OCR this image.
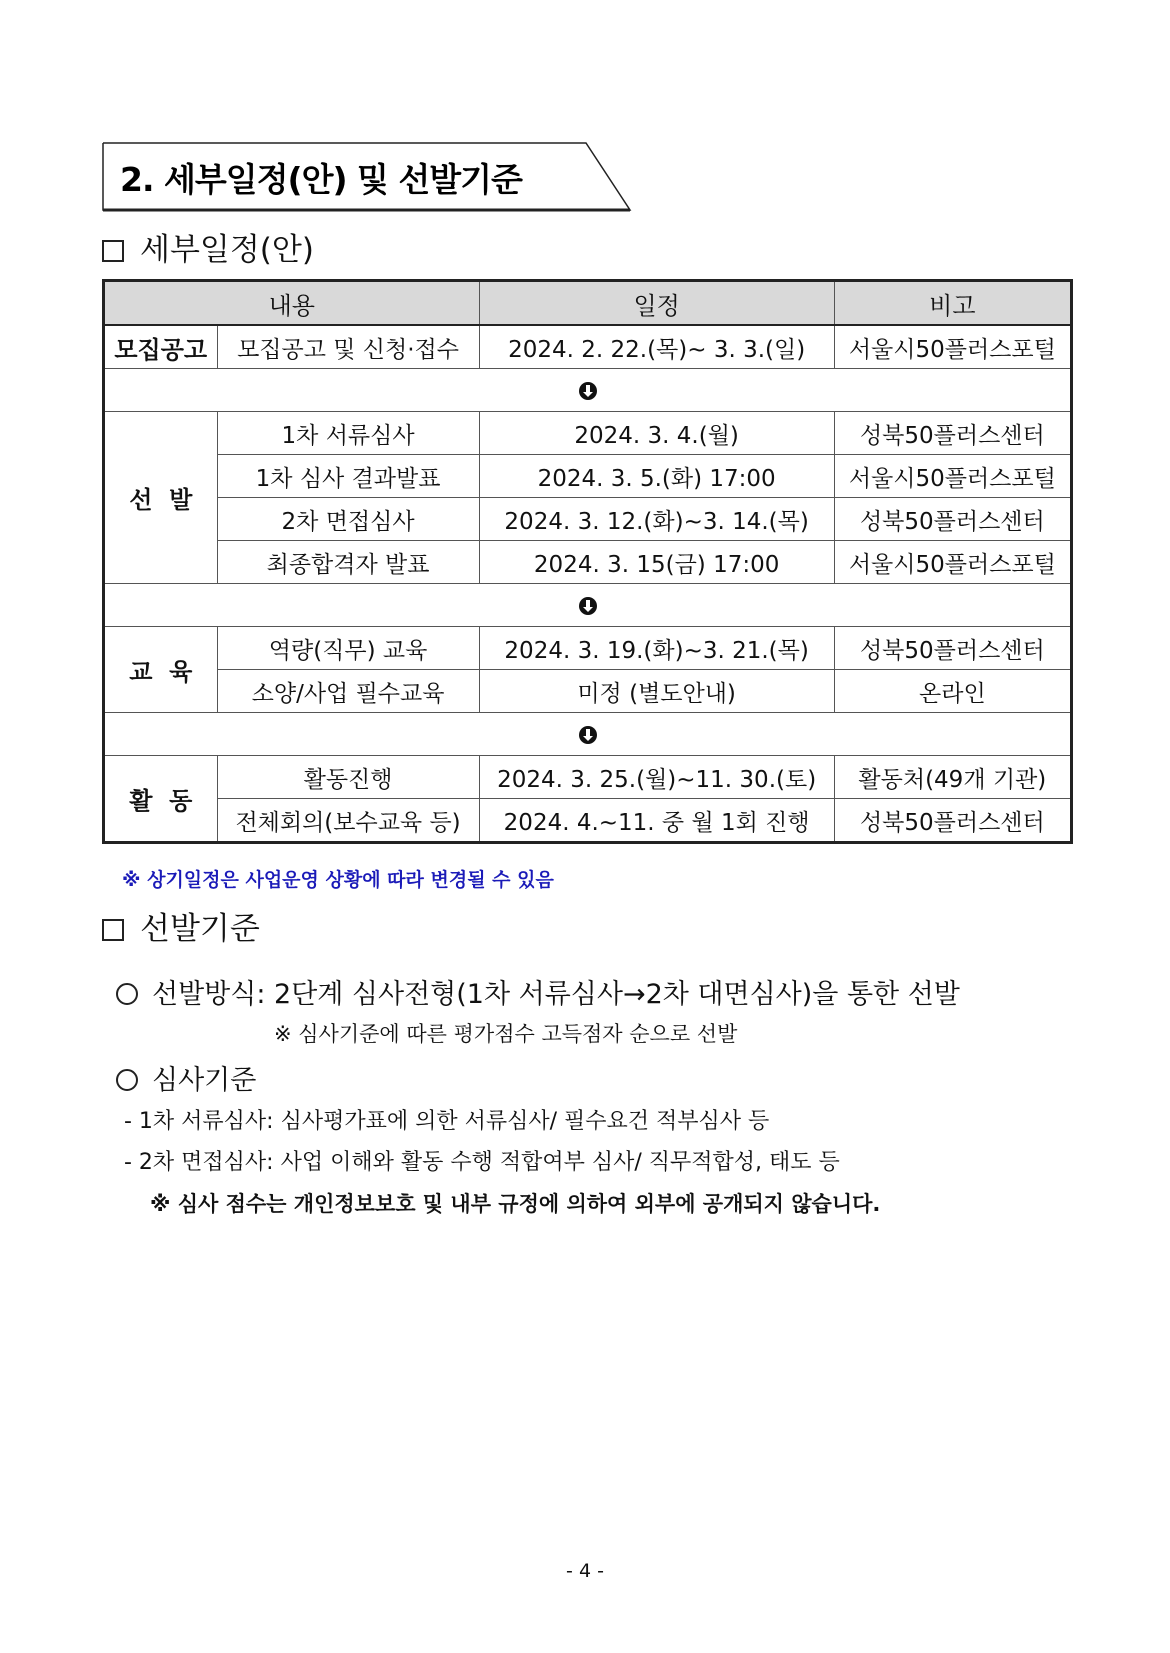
2. 세부일정(안) 및 선발기준
세부일정(안)
내용		일정	비고
모집공고	모집공고 및 신청·접수	2024. 2. 22.(목)~ 3. 3.(일)	서울시50플러스포털

선  발	1차 서류심사	2024. 3. 4.(월)	성북50플러스센터
	1차 심사 결과발표	2024. 3. 5.(화) 17:00	서울시50플러스포털
	2차 면접심사	2024. 3. 12.(화)~3. 14.(목)	성북50플러스센터
	최종합격자 발표	2024. 3. 15(금) 17:00	서울시50플러스포털

교  육	역량(직무) 교육	2024. 3. 19.(화)~3. 21.(목)	성북50플러스센터
	소양/사업 필수교육	미정 (별도안내)	온라인

활  동	활동진행	2024. 3. 25.(월)~11. 30.(토)	활동처(49개 기관)
	전체회의(보수교육 등)	2024. 4.~11. 중 월 1회 진행	성북50플러스센터
※ 상기일정은 사업운영 상황에 따라 변경될 수 있음
선발기준
선발방식: 2단계 심사전형(1차 서류심사→2차 대면심사)을 통한 선발
※ 심사기준에 따른 평가점수 고득점자 순으로 선발
심사기준
- 1차 서류심사: 심사평가표에 의한 서류심사/ 필수요건 적부심사 등
- 2차 면접심사: 사업 이해와 활동 수행 적합여부 심사/ 직무적합성, 태도 등
※ 심사 점수는 개인정보보호 및 내부 규정에 의하여 외부에 공개되지 않습니다.
- 4 -
